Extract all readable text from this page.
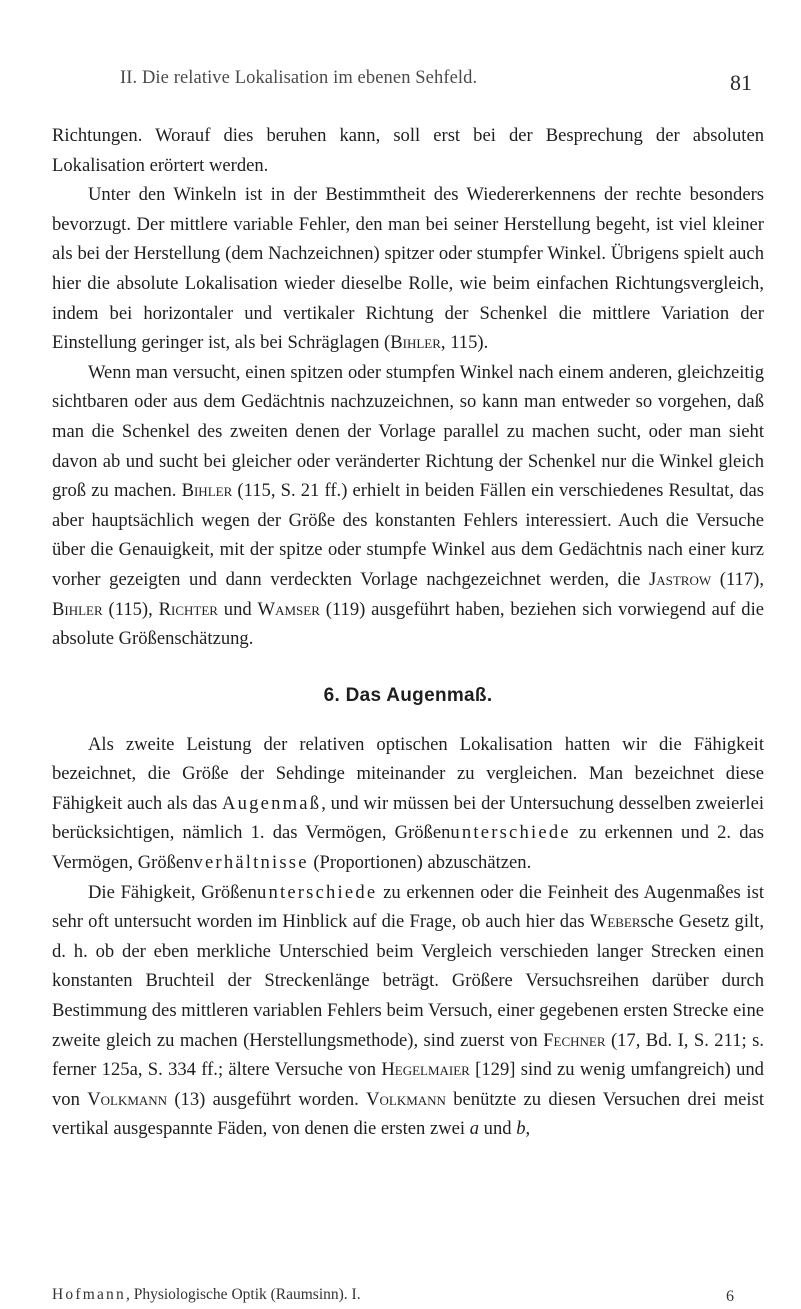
II. Die relative Lokalisation im ebenen Sehfeld.	81

Richtungen. Worauf dies beruhen kann, soll erst bei der Besprechung der absoluten Lokalisation erörtert werden.

Unter den Winkeln ist in der Bestimmtheit des Wiedererkennens der rechte besonders bevorzugt. Der mittlere variable Fehler, den man bei seiner Herstellung begeht, ist viel kleiner als bei der Herstellung (dem Nachzeichnen) spitzer oder stumpfer Winkel. Übrigens spielt auch hier die absolute Lokalisation wieder dieselbe Rolle, wie beim einfachen Richtungsvergleich, indem bei horizontaler und vertikaler Richtung der Schenkel die mittlere Variation der Einstellung geringer ist, als bei Schräglagen (Bihler, 115).

Wenn man versucht, einen spitzen oder stumpfen Winkel nach einem anderen, gleichzeitig sichtbaren oder aus dem Gedächtnis nachzuzeichnen, so kann man entweder so vorgehen, daß man die Schenkel des zweiten denen der Vorlage parallel zu machen sucht, oder man sieht davon ab und sucht bei gleicher oder veränderter Richtung der Schenkel nur die Winkel gleich groß zu machen. Bihler (115, S. 21 ff.) erhielt in beiden Fällen ein verschiedenes Resultat, das aber hauptsächlich wegen der Größe des konstanten Fehlers interessiert. Auch die Versuche über die Genauigkeit, mit der spitze oder stumpfe Winkel aus dem Gedächtnis nach einer kurz vorher gezeigten und dann verdeckten Vorlage nachgezeichnet werden, die Jastrow (117), Bihler (115), Richter und Wamser (119) ausgeführt haben, beziehen sich vorwiegend auf die absolute Größenschätzung.

6. Das Augenmaß.

Als zweite Leistung der relativen optischen Lokalisation hatten wir die Fähigkeit bezeichnet, die Größe der Sehdinge miteinander zu vergleichen. Man bezeichnet diese Fähigkeit auch als das Augenmaß, und wir müssen bei der Untersuchung desselben zweierlei berücksichtigen, nämlich 1. das Vermögen, Größenunterschiede zu erkennen und 2. das Vermögen, Größenverhältnisse (Proportionen) abzuschätzen.

Die Fähigkeit, Größenunterschiede zu erkennen oder die Feinheit des Augenmaßes ist sehr oft untersucht worden im Hinblick auf die Frage, ob auch hier das Webersche Gesetz gilt, d. h. ob der eben merkliche Unterschied beim Vergleich verschieden langer Strecken einen konstanten Bruchteil der Streckenlänge beträgt. Größere Versuchsreihen darüber durch Bestimmung des mittleren variablen Fehlers beim Versuch, einer gegebenen ersten Strecke eine zweite gleich zu machen (Herstellungsmethode), sind zuerst von Fechner (17, Bd. I, S. 211; s. ferner 125a, S. 334 ff.; ältere Versuche von Hegelmaier [129] sind zu wenig umfangreich) und von Volkmann (13) ausgeführt worden. Volkmann benützte zu diesen Versuchen drei meist vertikal ausgespannte Fäden, von denen die ersten zwei a und b,

Hofmann, Physiologische Optik (Raumsinn). I.	6
